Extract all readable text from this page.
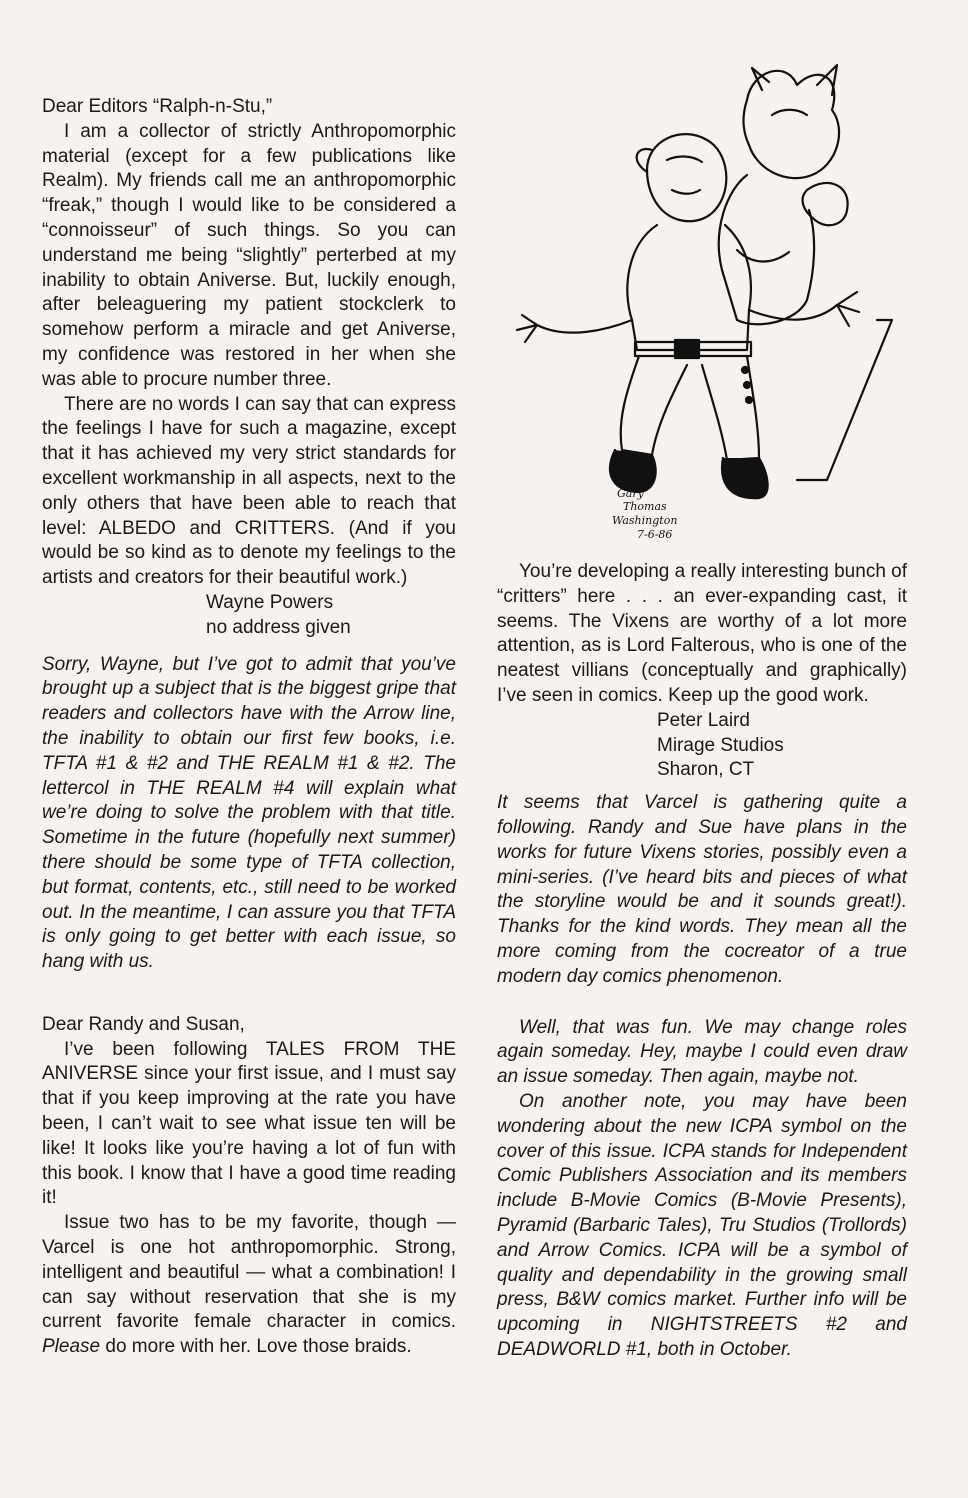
Dear Editors “Ralph-n-Stu,”

I am a collector of strictly Anthropomorphic material (except for a few publications like Realm). My friends call me an anthropomorphic “freak,” though I would like to be considered a “connoisseur” of such things. So you can understand me being “slightly” perterbed at my inability to obtain Aniverse. But, luckily enough, after beleaguering my patient stockclerk to somehow perform a miracle and get Aniverse, my confidence was restored in her when she was able to procure number three.

There are no words I can say that can express the feelings I have for such a magazine, except that it has achieved my very strict standards for excellent workmanship in all aspects, next to the only others that have been able to reach that level: ALBEDO and CRITTERS. (And if you would be so kind as to denote my feelings to the artists and creators for their beautiful work.)

Wayne Powers

no address given

Sorry, Wayne, but I’ve got to admit that you’ve brought up a subject that is the biggest gripe that readers and collectors have with the Arrow line, the inability to obtain our first few books, i.e. TFTA #1 & #2 and THE REALM #1 & #2. The lettercol in THE REALM #4 will explain what we’re doing to solve the problem with that title. Sometime in the future (hopefully next summer) there should be some type of TFTA collection, but format, contents, etc., still need to be worked out. In the meantime, I can assure you that TFTA is only going to get better with each issue, so hang with us.

Dear Randy and Susan,

I’ve been following TALES FROM THE ANIVERSE since your first issue, and I must say that if you keep improving at the rate you have been, I can’t wait to see what issue ten will be like! It looks like you’re having a lot of fun with this book. I know that I have a good time reading it!

Issue two has to be my favorite, though — Varcel is one hot anthropomorphic. Strong, intelligent and beautiful — what a combination! I can say without reservation that she is my current favorite female character in comics. Please do more with her. Love those braids.

Gary
Thomas
Washington
7-6-86

You’re developing a really interesting bunch of “critters” here . . . an ever-expanding cast, it seems. The Vixens are worthy of a lot more attention, as is Lord Falterous, who is one of the neatest villians (conceptually and graphically) I’ve seen in comics. Keep up the good work.

Peter Laird

Mirage Studios

Sharon, CT

It seems that Varcel is gathering quite a following. Randy and Sue have plans in the works for future Vixens stories, possibly even a mini-series. (I’ve heard bits and pieces of what the storyline would be and it sounds great!). Thanks for the kind words. They mean all the more coming from the cocreator of a true modern day comics phenomenon.

Well, that was fun. We may change roles again someday. Hey, maybe I could even draw an issue someday. Then again, maybe not.

On another note, you may have been wondering about the new ICPA symbol on the cover of this issue. ICPA stands for Independent Comic Publishers Association and its members include B-Movie Comics (B-Movie Presents), Pyramid (Barbaric Tales), Tru Studios (Trollords) and Arrow Comics. ICPA will be a symbol of quality and dependability in the growing small press, B&W comics market. Further info will be upcoming in NIGHTSTREETS #2 and DEADWORLD #1, both in October.
